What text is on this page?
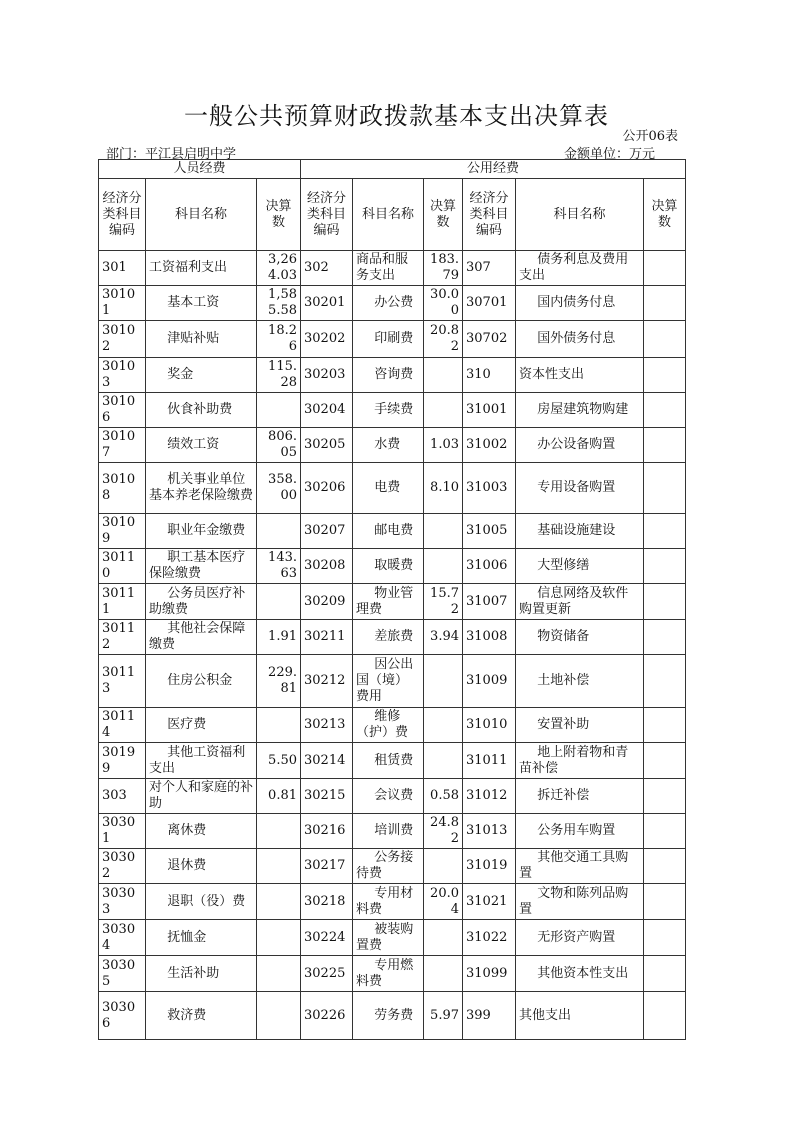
一般公共预算财政拨款基本支出决算表
公开06表
部门：平江县启明中学	金额单位：万元
人员经费			公用经费					
经济分类科目编码	科目名称	决算数	经济分类科目编码	科目名称	决算数	经济分类科目编码	科目名称	决算数
301	工资福利支出	3,264.03	302	商品和服务支出	183.79	307	债务利息及费用支出	
30101	基本工资	1,585.58	30201	办公费	30.00	30701	国内债务付息	
30102	津贴补贴	18.26	30202	印刷费	20.82	30702	国外债务付息	
30103	奖金	115.28	30203	咨询费		310	资本性支出	
30106	伙食补助费		30204	手续费		31001	房屋建筑物购建	
30107	绩效工资	806.05	30205	水费	1.03	31002	办公设备购置	
30108	机关事业单位基本养老保险缴费	358.00	30206	电费	8.10	31003	专用设备购置	
30109	职业年金缴费		30207	邮电费		31005	基础设施建设	
30110	职工基本医疗保险缴费	143.63	30208	取暖费		31006	大型修缮	
30111	公务员医疗补助缴费		30209	物业管理费	15.72	31007	信息网络及软件购置更新	
30112	其他社会保障缴费	1.91	30211	差旅费	3.94	31008	物资储备	
30113	住房公积金	229.81	30212	因公出国（境）费用		31009	土地补偿	
30114	医疗费		30213	维修（护）费		31010	安置补助	
30199	其他工资福利支出	5.50	30214	租赁费		31011	地上附着物和青苗补偿	
303	对个人和家庭的补助	0.81	30215	会议费	0.58	31012	拆迁补偿	
30301	离休费		30216	培训费	24.82	31013	公务用车购置	
30302	退休费		30217	公务接待费		31019	其他交通工具购置	
30303	退职（役）费		30218	专用材料费	20.04	31021	文物和陈列品购置	
30304	抚恤金		30224	被装购置费		31022	无形资产购置	
30305	生活补助		30225	专用燃料费		31099	其他资本性支出	
30306	救济费		30226	劳务费	5.97	399	其他支出	
